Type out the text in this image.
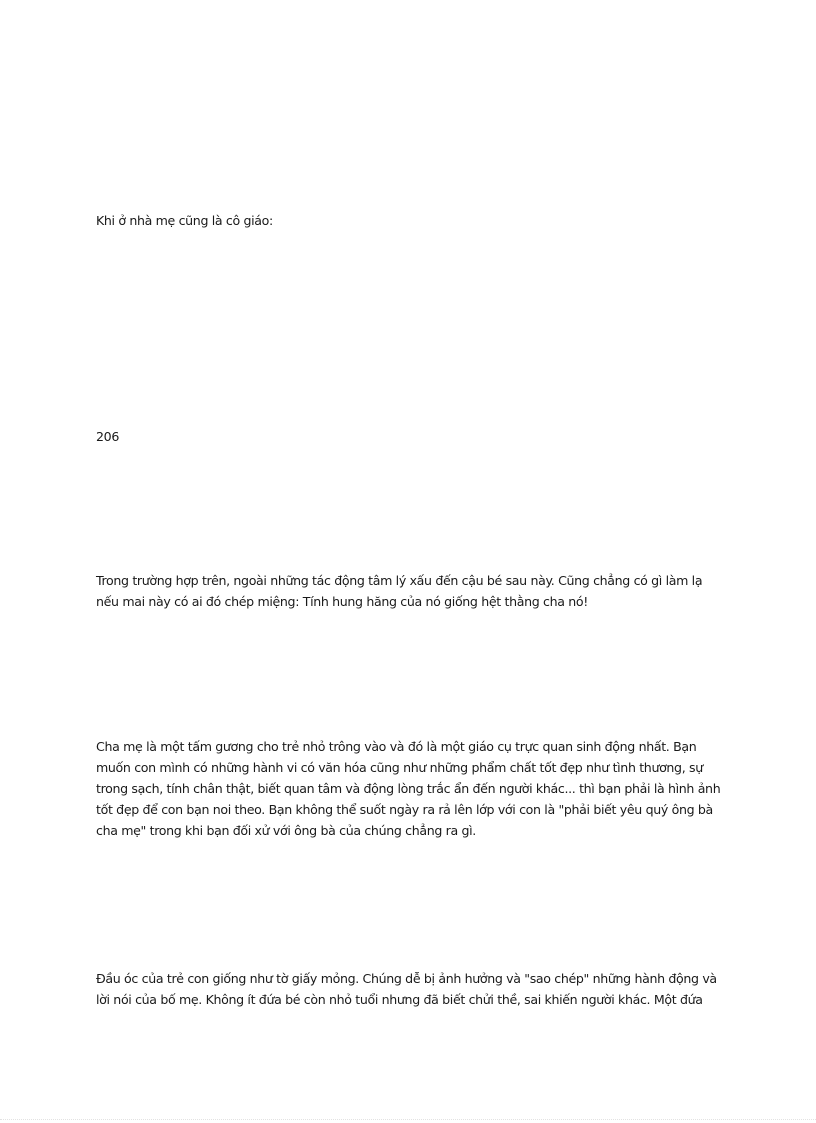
Khi ở nhà mẹ cũng là cô giáo:
206
Trong trường hợp trên, ngoài những tác động tâm lý xấu đến cậu bé sau này. Cũng chẳng có gì làm lạ
nếu mai này có ai đó chép miệng: Tính hung hăng của nó giống hệt thằng cha nó!
Cha mẹ là một tấm gương cho trẻ nhỏ trông vào và đó là một giáo cụ trực quan sinh động nhất. Bạn
muốn con mình có những hành vi có văn hóa cũng như những phẩm chất tốt đẹp như tình thương, sự
trong sạch, tính chân thật, biết quan tâm và động lòng trắc ẩn đến người khác... thì bạn phải là hình ảnh
tốt đẹp để con bạn noi theo. Bạn không thể suốt ngày ra rả lên lớp với con là "phải biết yêu quý ông bà
cha mẹ" trong khi bạn đối xử với ông bà của chúng chẳng ra gì.
Đầu óc của trẻ con giống như tờ giấy mỏng. Chúng dễ bị ảnh hưởng và "sao chép" những hành động và
lời nói của bố mẹ. Không ít đứa bé còn nhỏ tuổi nhưng đã biết chửi thề, sai khiến người khác. Một đứa
